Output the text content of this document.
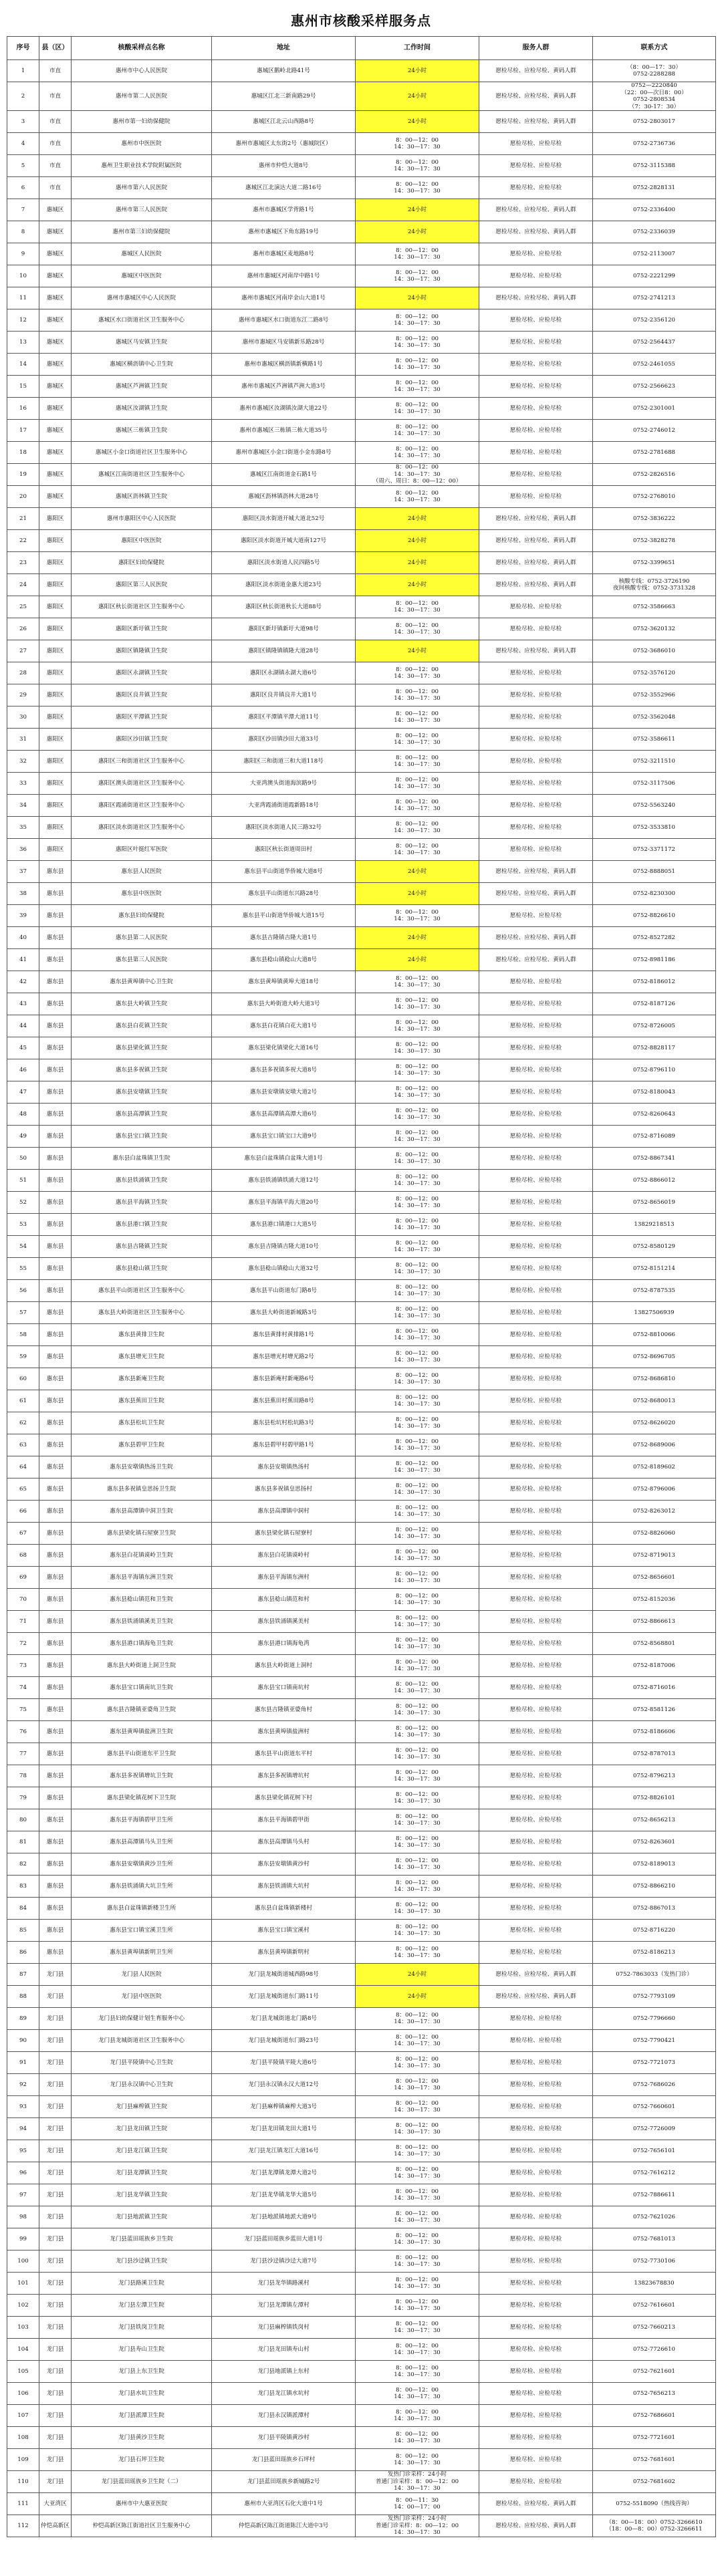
惠州市核酸采样服务点
序号	县（区）	核酸采样点名称	地址	工作时间	服务人群	联系方式
1	市直	惠州市中心人民医院	惠城区鹅岭北路41号	24小时	愿检尽检、应检尽检、黄码人群	（8：00—17：30）
0752-2288288
2	市直	惠州市第二人民医院	惠城区江北三新南路29号	24小时	愿检尽检、应检尽检、黄码人群	0752—2220840
（22：00—次日8：00）
0752-2808534
（7：30-17：30）
3	市直	惠州市第一妇幼保健院	惠城区江北云山西路8号	24小时	愿检尽检、应检尽检、黄码人群	0752-2803017
4	市直	惠州市中医医院	惠州市惠城区太东街2号（惠城院区）	8：00—12：00
14：30—17：30	愿检尽检、应检尽检	0752-2736736
5	市直	惠州卫生职业技术学院附属医院	惠州市仲恺大道8号	8：00—12：00
14：30—17：30	愿检尽检、应检尽检	0752-3115388
6	市直	惠州市第六人民医院	惠城区江北演达大道二路16号	8：00—12：00
14：30—17：30	愿检尽检、应检尽检	0752-2828131
7	惠城区	惠州市第三人民医院	惠州市惠城区学背路1号	24小时	愿检尽检、应检尽检、黄码人群	0752-2336400
8	惠城区	惠州市第三妇幼保健院	惠州市惠城区下角东路19号	24小时	愿检尽检、应检尽检、黄码人群	0752-2336039
9	惠城区	惠城区人民医院	惠州市惠城区麦地路8号	8：00—12：00
14：30—17：30	愿检尽检、应检尽检	0752-2113007
10	惠城区	惠城区中医医院	惠州市惠城区河南岸中路1号	8：00—12：00
14：30—17：30	愿检尽检、应检尽检	0752-2221299
11	惠城区	惠州市惠城区中心人民医院	惠州市惠城区河南岸金山大道1号	24小时	愿检尽检、应检尽检、黄码人群	0752-2741213
12	惠城区	惠城区水口街道社区卫生服务中心	惠州市惠城区水口街道东江二路8号	8：00—12：00
14：30—17：30	愿检尽检、应检尽检	0752-2356120
13	惠城区	惠城区马安镇卫生院	惠州市惠城区马安镇新乐路28号	8：00—12：00
14：30—17：30	愿检尽检、应检尽检	0752-2564437
14	惠城区	惠城区横沥镇中心卫生院	惠州市惠城区横沥镇新横路1号	8：00—12：00
14：30—17：30	愿检尽检、应检尽检	0752-2461055
15	惠城区	惠城区芦洲镇卫生院	惠州市惠城区芦洲镇芦洲大道3号	8：00—12：00
14：30—17：30	愿检尽检、应检尽检	0752-2566623
16	惠城区	惠城区汝湖镇卫生院	惠州市惠城区汝湖镇汝湖大道22号	8：00—12：00
14：30—17：30	愿检尽检、应检尽检	0752-2301001
17	惠城区	惠城区三栋镇卫生院	惠州市惠城区三栋镇三栋大道35号	8：00—12：00
14：30—17：30	愿检尽检、应检尽检	0752-2746012
18	惠城区	惠城区小金口街道社区卫生服务中心	惠州市惠城区小金口街道小金东路8号	8：00—12：00
14：30—17：30	愿检尽检、应检尽检	0752-2781688
19	惠城区	惠城区江南街道社区卫生服务中心	惠城区江南街道金石路1号	8：00—12：00
14：30—17：30
（周六、周日：8：00—12：00）	愿检尽检、应检尽检	0752-2826516
20	惠城区	惠城区沥林镇卫生院	惠城区沥林镇沥林大道28号	8：00—12：00
14：30—17：30	愿检尽检、应检尽检	0752-2768010
21	惠阳区	惠州市惠阳区中心人民医院	惠阳区淡水街道开城大道北52号	24小时	愿检尽检、应检尽检、黄码人群	0752-3836222
22	惠阳区	惠阳区中医医院	惠阳区淡水街道开城大道南127号	24小时	愿检尽检、应检尽检、黄码人群	0752-3828278
23	惠阳区	惠阳区妇幼保健院	惠阳区淡水街道人民四路5号	24小时	愿检尽检、应检尽检、黄码人群	0752-3399651
24	惠阳区	惠阳区第三人民医院	惠阳区淡水街道金惠大道23号	24小时	愿检尽检、应检尽检、黄码人群	核酸专线：0752-3726190
夜间核酸专线：0752-3731328
25	惠阳区	惠阳区秋长街道社区卫生服务中心	惠阳区秋长街道秋长大道88号	8：00—12：00
14：30—17：30	愿检尽检、应检尽检	0752-3586663
26	惠阳区	惠阳区新圩镇卫生院	惠阳区新圩镇新圩大道98号	8：00—12：00
14：30—17：30	愿检尽检、应检尽检	0752-3620132
27	惠阳区	惠阳区镇隆镇卫生院	惠阳区镇隆镇镇隆大道28号	24小时	愿检尽检、应检尽检、黄码人群	0752-3686010
28	惠阳区	惠阳区永湖镇卫生院	惠阳区永湖镇永湖大道6号	8：00—12：00
14：30—17：30	愿检尽检、应检尽检	0752-3576120
29	惠阳区	惠阳区良井镇卫生院	惠阳区良井镇良井大道1号	8：00—12：00
14：30—17：30	愿检尽检、应检尽检	0752-3552966
30	惠阳区	惠阳区平潭镇卫生院	惠阳区平潭镇平潭大道11号	8：00—12：00
14：30—17：30	愿检尽检、应检尽检	0752-3562048
31	惠阳区	惠阳区沙田镇卫生院	惠阳区沙田镇沙田大道33号	8：00—12：00
14：30—17：30	愿检尽检、应检尽检	0752-3586611
32	惠阳区	惠阳区三和街道社区卫生服务中心	惠阳区三和街道三和大道118号	8：00—12：00
14：30—17：30	愿检尽检、应检尽检	0752-3211510
33	惠阳区	惠阳区澳头街道社区卫生服务中心	大亚湾澳头街道海滨路9号	8：00—12：00
14：30—17：30	愿检尽检、应检尽检	0752-3117506
34	惠阳区	惠阳区霞涌街道社区卫生服务中心	大亚湾霞涌街道霞新路18号	8：00—12：00
14：30—17：30	愿检尽检、应检尽检	0752-5563240
35	惠阳区	惠阳区淡水街道社区卫生服务中心	惠阳区淡水街道人民三路32号	8：00—12：00
14：30—17：30	愿检尽检、应检尽检	0752-3533810
36	惠阳区	惠阳区叶挺红军医院	惠阳区秋长街道周田村	8：00—12：00
14：30—17：30	愿检尽检、应检尽检	0752-3371172
37	惠东县	惠东县人民医院	惠东县平山街道华侨城大道8号	24小时	愿检尽检、应检尽检、黄码人群	0752-8888051
38	惠东县	惠东县中医医院	惠东县平山街道东兴路28号	24小时	愿检尽检、应检尽检、黄码人群	0752-8230300
39	惠东县	惠东县妇幼保健院	惠东县平山街道华侨城大道15号	8：00—12：00
14：30—17：30	愿检尽检、应检尽检	0752-8826610
40	惠东县	惠东县第二人民医院	惠东县吉隆镇吉隆大道1号	24小时	愿检尽检、应检尽检、黄码人群	0752-8527282
41	惠东县	惠东县第三人民医院	惠东县稔山镇稔山大道8号	24小时	愿检尽检、应检尽检、黄码人群	0752-8981186
42	惠东县	惠东县黄埠镇中心卫生院	惠东县黄埠镇黄埠大道18号	8：00—12：00
14：30—17：30	愿检尽检、应检尽检	0752-8186012
43	惠东县	惠东县大岭镇卫生院	惠东县大岭街道大岭大道3号	8：00—12：00
14：30—17：30	愿检尽检、应检尽检	0752-8187126
44	惠东县	惠东县白花镇卫生院	惠东县白花镇白花大道1号	8：00—12：00
14：30—17：30	愿检尽检、应检尽检	0752-8726005
45	惠东县	惠东县梁化镇卫生院	惠东县梁化镇梁化大道16号	8：00—12：00
14：30—17：30	愿检尽检、应检尽检	0752-8828117
46	惠东县	惠东县多祝镇卫生院	惠东县多祝镇多祝大道8号	8：00—12：00
14：30—17：30	愿检尽检、应检尽检	0752-8796110
47	惠东县	惠东县安墩镇卫生院	惠东县安墩镇安墩大道2号	8：00—12：00
14：30—17：30	愿检尽检、应检尽检	0752-8180043
48	惠东县	惠东县高潭镇卫生院	惠东县高潭镇高潭大道6号	8：00—12：00
14：30—17：30	愿检尽检、应检尽检	0752-8260643
49	惠东县	惠东县宝口镇卫生院	惠东县宝口镇宝口大道9号	8：00—12：00
14：30—17：30	愿检尽检、应检尽检	0752-8716089
50	惠东县	惠东县白盆珠镇卫生院	惠东县白盆珠镇白盆珠大道1号	8：00—12：00
14：30—17：30	愿检尽检、应检尽检	0752-8867341
51	惠东县	惠东县铁涌镇卫生院	惠东县铁涌镇铁涌大道12号	8：00—12：00
14：30—17：30	愿检尽检、应检尽检	0752-8866012
52	惠东县	惠东县平海镇卫生院	惠东县平海镇平海大道20号	8：00—12：00
14：30—17：30	愿检尽检、应检尽检	0752-8656019
53	惠东县	惠东县港口镇卫生院	惠东县港口镇港口大道5号	8：00—12：00
14：30—17：30	愿检尽检、应检尽检	13829218513
54	惠东县	惠东县吉隆镇卫生院	惠东县吉隆镇吉隆大道10号	8：00—12：00
14：30—17：30	愿检尽检、应检尽检	0752-8580129
55	惠东县	惠东县稔山镇卫生院	惠东县稔山镇稔山大道32号	8：00—12：00
14：30—17：30	愿检尽检、应检尽检	0752-8151214
56	惠东县	惠东县平山街道社区卫生服务中心	惠东县平山街道东门路8号	8：00—12：00
14：30—17：30	愿检尽检、应检尽检	0752-8787535
57	惠东县	惠东县大岭街道社区卫生服务中心	惠东县大岭街道新城路3号	8：00—12：00
14：30—17：30	愿检尽检、应检尽检	13827506939
58	惠东县	惠东县黄排卫生院	惠东县黄排村黄排路1号	8：00—12：00
14：30—17：30	愿检尽检、应检尽检	0752-8810066
59	惠东县	惠东县增光卫生院	惠东县增光村增光路2号	8：00—12：00
14：30—17：30	愿检尽检、应检尽检	0752-8696705
60	惠东县	惠东县新庵卫生院	惠东县新庵村新庵路6号	8：00—12：00
14：30—17：30	愿检尽检、应检尽检	0752-8686810
61	惠东县	惠东县蕉田卫生院	惠东县蕉田村蕉田路8号	8：00—12：00
14：30—17：30	愿检尽检、应检尽检	0752-8680013
62	惠东县	惠东县松坑卫生院	惠东县松坑村松坑路3号	8：00—12：00
14：30—17：30	愿检尽检、应检尽检	0752-8626020
63	惠东县	惠东县碧甲卫生院	惠东县碧甲村碧甲路1号	8：00—12：00
14：30—17：30	愿检尽检、应检尽检	0752-8689006
64	惠东县	惠东县安墩镇热汤卫生院	惠东县安墩镇热汤村	8：00—12：00
14：30—17：30	愿检尽检、应检尽检	0752-8189602
65	惠东县	惠东县多祝镇皇思扬卫生院	惠东县多祝镇皇思扬村	8：00—12：00
14：30—17：30	愿检尽检、应检尽检	0752-8796006
66	惠东县	惠东县高潭镇中洞卫生院	惠东县高潭镇中洞村	8：00—12：00
14：30—17：30	愿检尽检、应检尽检	0752-8263012
67	惠东县	惠东县梁化镇石屋寮卫生院	惠东县梁化镇石屋寮村	8：00—12：00
14：30—17：30	愿检尽检、应检尽检	0752-8826060
68	惠东县	惠东县白花镇谟岭卫生院	惠东县白花镇谟岭村	8：00—12：00
14：30—17：30	愿检尽检、应检尽检	0752-8719013
69	惠东县	惠东县平海镇东洲卫生院	惠东县平海镇东洲村	8：00—12：00
14：30—17：30	愿检尽检、应检尽检	0752-8656601
70	惠东县	惠东县稔山镇范和卫生院	惠东县稔山镇范和村	8：00—12：00
14：30—17：30	愿检尽检、应检尽检	0752-8152036
71	惠东县	惠东县铁涌镇溪美卫生院	惠东县铁涌镇溪美村	8：00—12：00
14：30—17：30	愿检尽检、应检尽检	0752-8866613
72	惠东县	惠东县港口镇海龟卫生院	惠东县港口镇海龟湾	8：00—12：00
14：30—17：30	愿检尽检、应检尽检	0752-8568801
73	惠东县	惠东县大岭街道上洞卫生院	惠东县大岭街道上洞村	8：00—12：00
14：30—17：30	愿检尽检、应检尽检	0752-8187006
74	惠东县	惠东县宝口镇南坑卫生院	惠东县宝口镇南坑村	8：00—12：00
14：30—17：30	愿检尽检、应检尽检	0752-8716016
75	惠东县	惠东县吉隆镇亚婆角卫生院	惠东县吉隆镇亚婆角村	8：00—12：00
14：30—17：30	愿检尽检、应检尽检	0752-8581126
76	惠东县	惠东县黄埠镇盐洲卫生院	惠东县黄埠镇盐洲村	8：00—12：00
14：30—17：30	愿检尽检、应检尽检	0752-8186606
77	惠东县	惠东县平山街道东平卫生院	惠东县平山街道东平村	8：00—12：00
14：30—17：30	愿检尽检、应检尽检	0752-8787013
78	惠东县	惠东县多祝镇增坑卫生院	惠东县多祝镇增坑村	8：00—12：00
14：30—17：30	愿检尽检、应检尽检	0752-8796213
79	惠东县	惠东县梁化镇花树下卫生院	惠东县梁化镇花树下村	8：00—12：00
14：30—17：30	愿检尽检、应检尽检	0752-8826101
80	惠东县	惠东县平海镇碧甲卫生所	惠东县平海镇碧甲街	8：00—12：00
14：30—17：30	愿检尽检、应检尽检	0752-8656213
81	惠东县	惠东县高潭镇马头卫生所	惠东县高潭镇马头村	8：00—12：00
14：30—17：30	愿检尽检、应检尽检	0752-8263601
82	惠东县	惠东县安墩镇黄沙卫生所	惠东县安墩镇黄沙村	8：00—12：00
14：30—17：30	愿检尽检、应检尽检	0752-8189013
83	惠东县	惠东县铁涌镇大坑卫生所	惠东县铁涌镇大坑村	8：00—12：00
14：30—17：30	愿检尽检、应检尽检	0752-8866210
84	惠东县	惠东县白盆珠镇新楼卫生所	惠东县白盆珠镇新楼村	8：00—12：00
14：30—17：30	愿检尽检、应检尽检	0752-8867013
85	惠东县	惠东县宝口镇宝溪卫生所	惠东县宝口镇宝溪村	8：00—12：00
14：30—17：30	愿检尽检、应检尽检	0752-8716220
86	惠东县	惠东县黄埠镇新明卫生所	惠东县黄埠镇新明村	8：00—12：00
14：30—17：30	愿检尽检、应检尽检	0752-8186213
87	龙门县	龙门县人民医院	龙门县龙城街道城西路98号	24小时	愿检尽检、应检尽检、黄码人群	0752-7863033（发热门诊）
88	龙门县	龙门县中医医院	龙门县龙城街道东门路11号	24小时	愿检尽检、应检尽检、黄码人群	0752-7793109
89	龙门县	龙门县妇幼保健计划生育服务中心	龙门县龙城街道北门路8号	8：00—12：00
14：30—17：30	愿检尽检、应检尽检	0752-7796660
90	龙门县	龙门县龙城街道社区卫生服务中心	龙门县龙城街道东门路23号	8：00—12：00
14：30—17：30	愿检尽检、应检尽检	0752-7790421
91	龙门县	龙门县平陵镇中心卫生院	龙门县平陵镇平陵大道6号	8：00—12：00
14：30—17：30	愿检尽检、应检尽检	0752-7721073
92	龙门县	龙门县永汉镇中心卫生院	龙门县永汉镇永汉大道12号	8：00—12：00
14：30—17：30	愿检尽检、应检尽检	0752-7686026
93	龙门县	龙门县麻榨镇卫生院	龙门县麻榨镇麻榨大道3号	8：00—12：00
14：30—17：30	愿检尽检、应检尽检	0752-7660601
94	龙门县	龙门县龙田镇卫生院	龙门县龙田镇龙田大道1号	8：00—12：00
14：30—17：30	愿检尽检、应检尽检	0752-7726009
95	龙门县	龙门县龙江镇卫生院	龙门县龙江镇龙江大道16号	8：00—12：00
14：30—17：30	愿检尽检、应检尽检	0752-7656101
96	龙门县	龙门县龙潭镇卫生院	龙门县龙潭镇龙潭大道2号	8：00—12：00
14：30—17：30	愿检尽检、应检尽检	0752-7616212
97	龙门县	龙门县龙华镇卫生院	龙门县龙华镇龙华大道5号	8：00—12：00
14：30—17：30	愿检尽检、应检尽检	0752-7886611
98	龙门县	龙门县地派镇卫生院	龙门县地派镇地派大道9号	8：00—12：00
14：30—17：30	愿检尽检、应检尽检	0752-7621026
99	龙门县	龙门县蓝田瑶族乡卫生院	龙门县蓝田瑶族乡蓝田大道1号	8：00—12：00
14：30—17：30	愿检尽检、应检尽检	0752-7681013
100	龙门县	龙门县沙迳镇卫生院	龙门县沙迳镇沙迳大道7号	8：00—12：00
14：30—17：30	愿检尽检、应检尽检	0752-7730106
101	龙门县	龙门县路溪卫生院	龙门县龙华镇路溪村	8：00—12：00
14：30—17：30	愿检尽检、应检尽检	13823678830
102	龙门县	龙门县左潭卫生院	龙门县龙潭镇左潭村	8：00—12：00
14：30—17：30	愿检尽检、应检尽检	0752-7616601
103	龙门县	龙门县铁岗卫生院	龙门县麻榨镇铁岗村	8：00—12：00
14：30—17：30	愿检尽检、应检尽检	0752-7660213
104	龙门县	龙门县寿山卫生院	龙门县龙田镇寿山村	8：00—12：00
14：30—17：30	愿检尽检、应检尽检	0752-7726610
105	龙门县	龙门县上东卫生院	龙门县地派镇上东村	8：00—12：00
14：30—17：30	愿检尽检、应检尽检	0752-7621601
106	龙门县	龙门县水坑卫生院	龙门县龙江镇水坑村	8：00—12：00
14：30—17：30	愿检尽检、应检尽检	0752-7656213
107	龙门县	龙门县派潭卫生院	龙门县永汉镇派潭村	8：00—12：00
14：30—17：30	愿检尽检、应检尽检	0752-7686601
108	龙门县	龙门县黄沙卫生院	龙门县平陵镇黄沙村	8：00—12：00
14：30—17：30	愿检尽检、应检尽检	0752-7721601
109	龙门县	龙门县石坪卫生院	龙门县蓝田瑶族乡石坪村	8：00—12：00
14：30—17：30	愿检尽检、应检尽检	0752-7681601
110	龙门县	龙门县蓝田瑶族乡卫生院（二）	龙门县蓝田瑶族乡新城路2号	发热门诊采样：24小时
普通门诊采样：8：00—12：00
14：30—17：30	愿检尽检、应检尽检	0752-7681602
111	大亚湾区	惠州市中大惠亚医院	惠州市大亚湾区石化大道中1号	8：00—11：30
14：00—17：00	愿检尽检、应检尽检、黄码人群	0752-5518090（热线咨询）
112	仲恺高新区	仲恺高新区陈江街道社区卫生服务中心	仲恺高新区陈江街道陈江大道中3号	发热门诊采样：24小时
普通门诊采样：8：00—12：00
14：30—17：30	愿检尽检、应检尽检、黄码人群	（8：00—18：00）0752-3266610
（18：00—8：00）0752-3266611
